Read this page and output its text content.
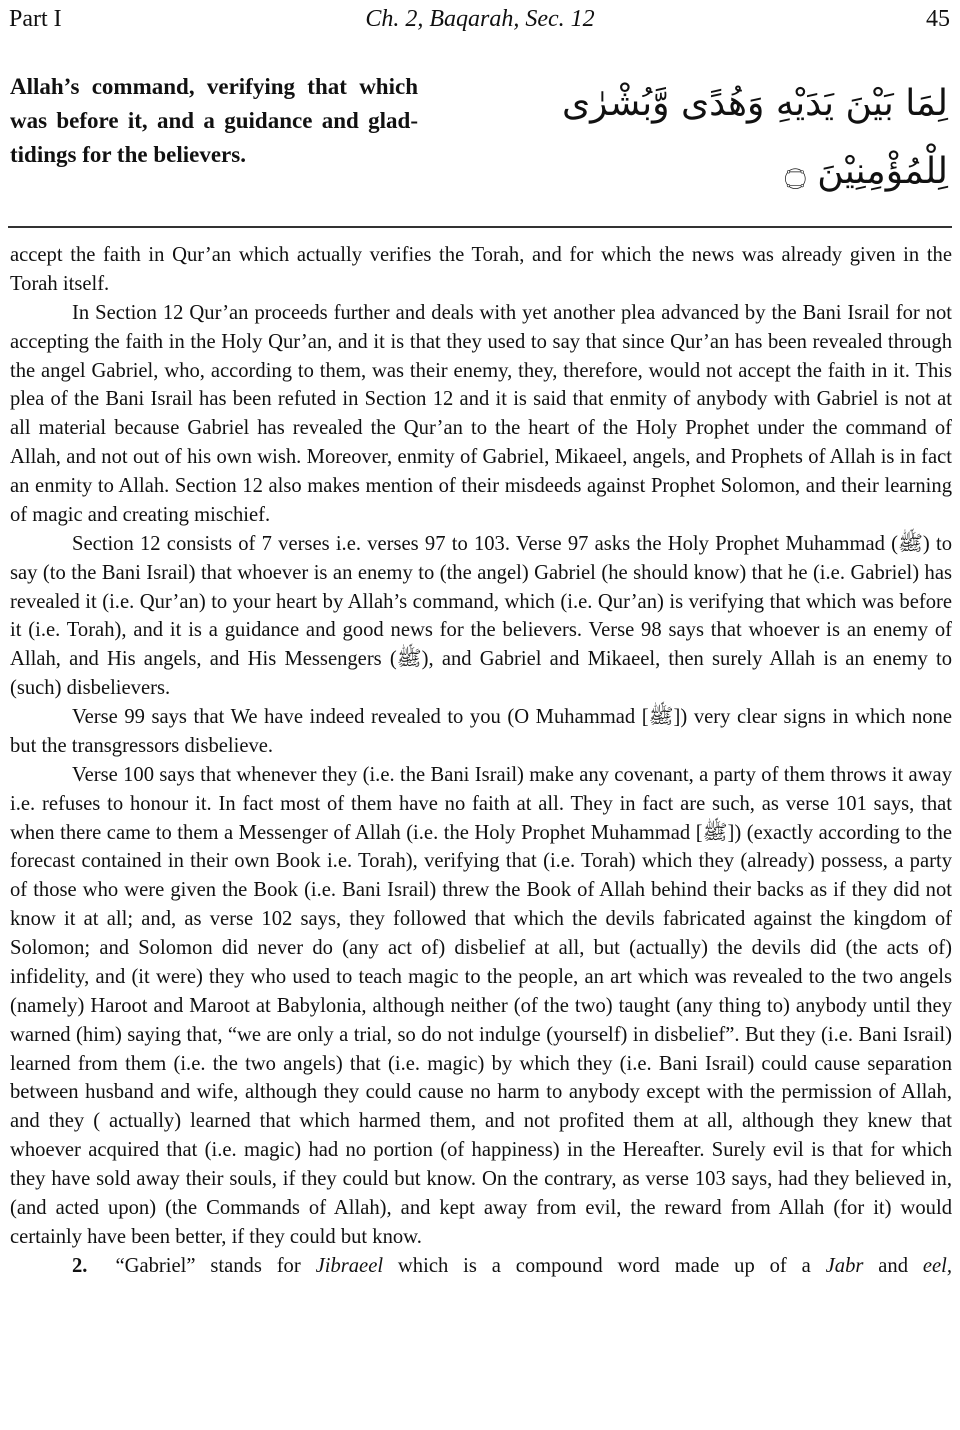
Part I	Ch. 2, Baqarah, Sec. 12	45
Allah’s command, verifying that which was before it, and a guidance and glad-tidings for the believers.
لِمَا بَيْنَ يَدَيْهِ وَهُدًى وَّبُشْرٰى
لِلْمُؤْمِنِيْنَ ۝

accept the faith in Qur’an which actually verifies the Torah, and for which the news was already given in the Torah itself.

In Section 12 Qur’an proceeds further and deals with yet another plea advanced by the Bani Israil for not accepting the faith in the Holy Qur’an, and it is that they used to say that since Qur’an has been revealed through the angel Gabriel, who, according to them, was their enemy, they, therefore, would not accept the faith in it. This plea of the Bani Israil has been refuted in Section 12 and it is said that enmity of anybody with Gabriel is not at all material because Gabriel has revealed the Qur’an to the heart of the Holy Prophet under the command of Allah, and not out of his own wish. Moreover, enmity of Gabriel, Mikaeel, angels, and Prophets of Allah is in fact an enmity to Allah. Section 12 also makes mention of their misdeeds against Prophet Solomon, and their learning of magic and creating mischief.

Section 12 consists of 7 verses i.e. verses 97 to 103. Verse 97 asks the Holy Prophet Muhammad (ﷺ) to say (to the Bani Israil) that whoever is an enemy to (the angel) Gabriel (he should know) that he (i.e. Gabriel) has revealed it (i.e. Qur’an) to your heart by Allah’s command, which (i.e. Qur’an) is verifying that which was before it (i.e. Torah), and it is a guidance and good news for the believers. Verse 98 says that whoever is an enemy of Allah, and His angels, and His Messengers (ﷺ), and Gabriel and Mikaeel, then surely Allah is an enemy to (such) disbelievers.

Verse 99 says that We have indeed revealed to you (O Muhammad [ﷺ]) very clear signs in which none but the transgressors disbelieve.

Verse 100 says that whenever they (i.e. the Bani Israil) make any covenant, a party of them throws it away i.e. refuses to honour it. In fact most of them have no faith at all. They in fact are such, as verse 101 says, that when there came to them a Messenger of Allah (i.e. the Holy Prophet Muhammad [ﷺ]) (exactly according to the forecast contained in their own Book i.e. Torah), verifying that (i.e. Torah) which they (already) possess, a party of those who were given the Book (i.e. Bani Israil) threw the Book of Allah behind their backs as if they did not know it at all; and, as verse 102 says, they followed that which the devils fabricated against the kingdom of Solomon; and Solomon did never do (any act of) disbelief at all, but (actually) the devils did (the acts of) infidelity, and (it were) they who used to teach magic to the people, an art which was revealed to the two angels (namely) Haroot and Maroot at Babylonia, although neither (of the two) taught (any thing to) anybody until they warned (him) saying that, “we are only a trial, so do not indulge (yourself) in disbelief”. But they (i.e. Bani Israil) learned from them (i.e. the two angels) that (i.e. magic) by which they (i.e. Bani Israil) could cause separation between husband and wife, although they could cause no harm to anybody except with the permission of Allah, and they ( actually) learned that which harmed them, and not profited them at all, although they knew that whoever acquired that (i.e. magic) had no portion (of happiness) in the Hereafter. Surely evil is that for which they have sold away their souls, if they could but know. On the contrary, as verse 103 says, had they believed in, (and acted upon) (the Commands of Allah), and kept away from evil, the reward from Allah (for it) would certainly have been better, if they could but know.

2. “Gabriel” stands for Jibraeel which is a compound word made up of a Jabr and eel,
